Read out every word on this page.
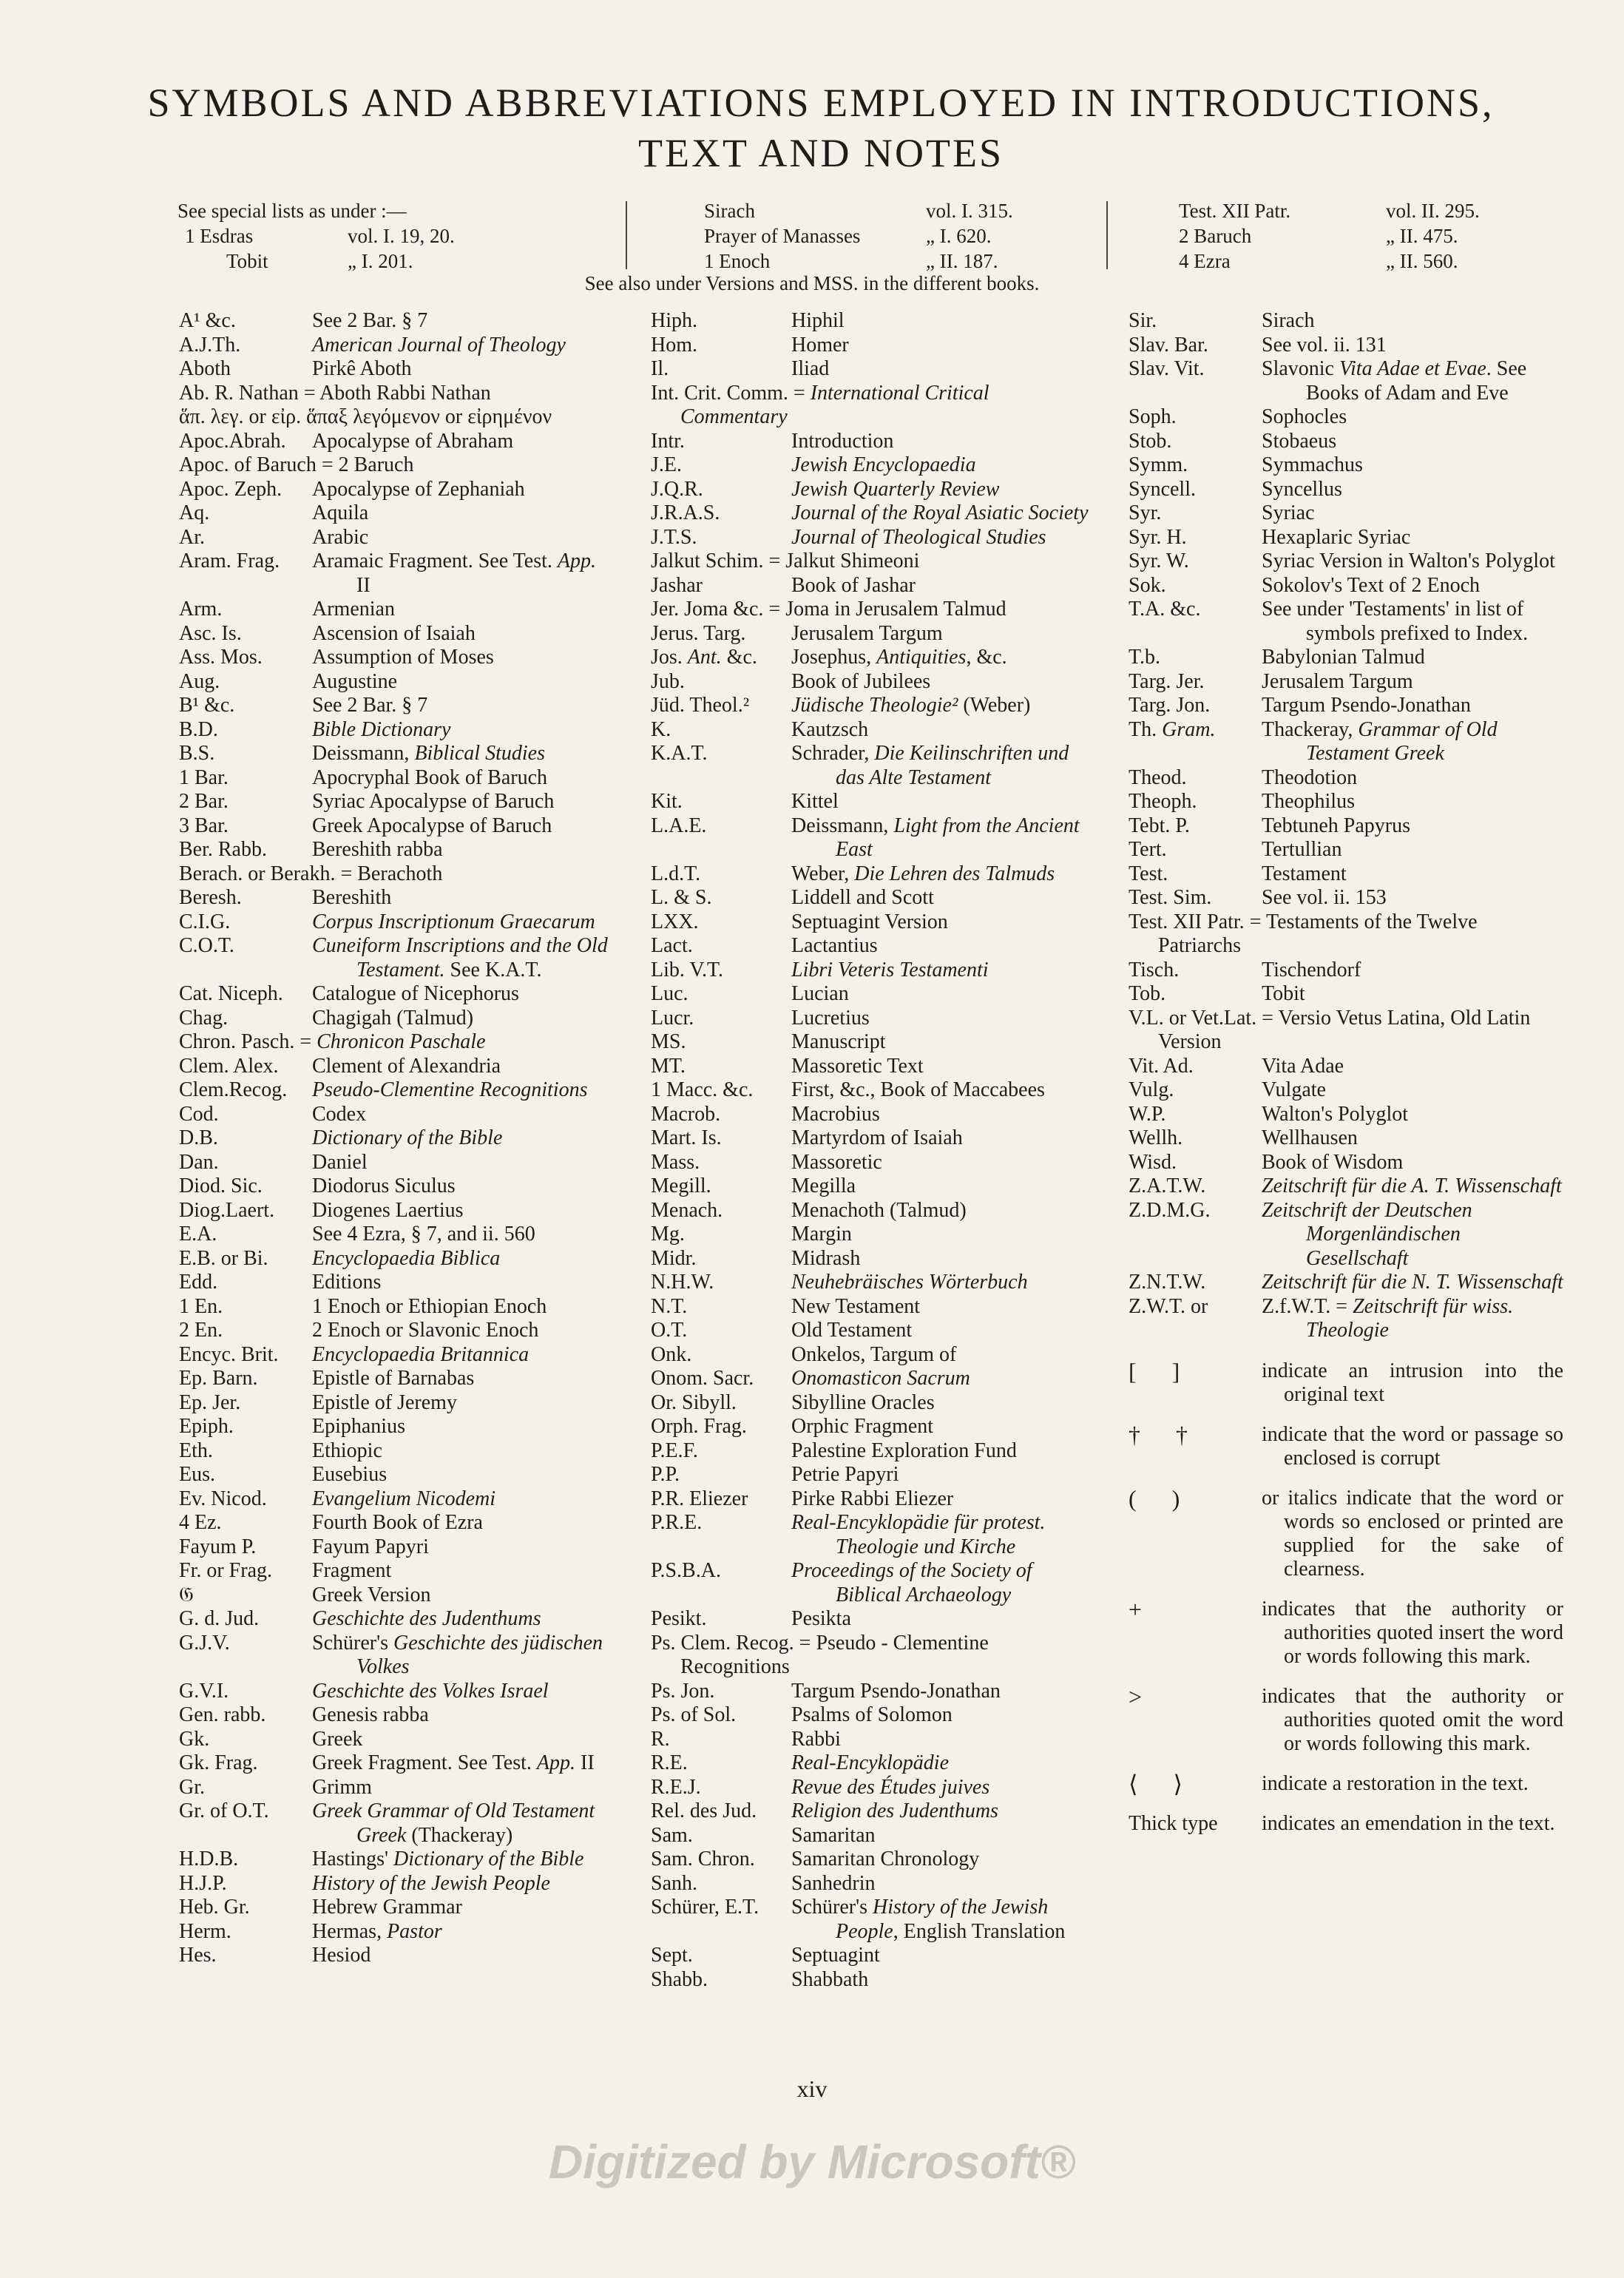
SYMBOLS AND ABBREVIATIONS EMPLOYED IN INTRODUCTIONS,
TEXT AND NOTES
See special lists as under :—
1 Esdras	vol. I. 19, 20.
Tobit	„ I. 201.
Sirach	vol. I. 315.
Prayer of Manasses	„ I. 620.
1 Enoch	„ II. 187.
Test. XII Patr.	vol. II. 295.
2 Baruch	„ II. 475.
4 Ezra	„ II. 560.
See also under Versions and MSS. in the different books.
A¹ &c.	See 2 Bar. § 7
A.J.Th.	American Journal of Theology
Aboth	Pirkê Aboth
Ab. R. Nathan = Aboth Rabbi Nathan
ἅπ. λεγ. or εἰρ. ἅπαξ λεγόμενον or εἰρημένον
Apoc.Abrah.	Apocalypse of Abraham
Apoc. of Baruch = 2 Baruch
Apoc. Zeph.	Apocalypse of Zephaniah
Aq.	Aquila
Ar.	Arabic
Aram. Frag.	Aramaic Fragment. See Test. App. II
Arm.	Armenian
Asc. Is.	Ascension of Isaiah
Ass. Mos.	Assumption of Moses
Aug.	Augustine
B¹ &c.	See 2 Bar. § 7
B.D.	Bible Dictionary
B.S.	Deissmann, Biblical Studies
1 Bar.	Apocryphal Book of Baruch
2 Bar.	Syriac Apocalypse of Baruch
3 Bar.	Greek Apocalypse of Baruch
Ber. Rabb.	Bereshith rabba
Berach. or Berakh. = Berachoth
Beresh.	Bereshith
C.I.G.	Corpus Inscriptionum Graecarum
C.O.T.	Cuneiform Inscriptions and the Old Testament. See K.A.T.
Cat. Niceph.	Catalogue of Nicephorus
Chag.	Chagigah (Talmud)
Chron. Pasch. = Chronicon Paschale
Clem. Alex.	Clement of Alexandria
Clem.Recog.	Pseudo-Clementine Recognitions
Cod.	Codex
D.B.	Dictionary of the Bible
Dan.	Daniel
Diod. Sic.	Diodorus Siculus
Diog.Laert.	Diogenes Laertius
E.A.	See 4 Ezra, § 7, and ii. 560
E.B. or Bi.	Encyclopaedia Biblica
Edd.	Editions
1 En.	1 Enoch or Ethiopian Enoch
2 En.	2 Enoch or Slavonic Enoch
Encyc. Brit.	Encyclopaedia Britannica
Ep. Barn.	Epistle of Barnabas
Ep. Jer.	Epistle of Jeremy
Epiph.	Epiphanius
Eth.	Ethiopic
Eus.	Eusebius
Ev. Nicod.	Evangelium Nicodemi
4 Ez.	Fourth Book of Ezra
Fayum P.	Fayum Papyri
Fr. or Frag.	Fragment
𝔊	Greek Version
G. d. Jud.	Geschichte des Judenthums
G.J.V.	Schürer's Geschichte des jüdischen Volkes
G.V.I.	Geschichte des Volkes Israel
Gen. rabb.	Genesis rabba
Gk.	Greek
Gk. Frag.	Greek Fragment. See Test. App. II
Gr.	Grimm
Gr. of O.T.	Greek Grammar of Old Testament Greek (Thackeray)
H.D.B.	Hastings' Dictionary of the Bible
H.J.P.	History of the Jewish People
Heb. Gr.	Hebrew Grammar
Herm.	Hermas, Pastor
Hes.	Hesiod
Hiph.	Hiphil
Hom.	Homer
Il.	Iliad
Int. Crit. Comm. = International Critical Commentary
Intr.	Introduction
J.E.	Jewish Encyclopaedia
J.Q.R.	Jewish Quarterly Review
J.R.A.S.	Journal of the Royal Asiatic Society
J.T.S.	Journal of Theological Studies
Jalkut Schim. = Jalkut Shimeoni
Jashar	Book of Jashar
Jer. Joma &c. = Joma in Jerusalem Talmud
Jerus. Targ.	Jerusalem Targum
Jos. Ant. &c.	Josephus, Antiquities, &c.
Jub.	Book of Jubilees
Jüd. Theol.²	Jüdische Theologie² (Weber)
K.	Kautzsch
K.A.T.	Schrader, Die Keilinschriften und das Alte Testament
Kit.	Kittel
L.A.E.	Deissmann, Light from the Ancient East
L.d.T.	Weber, Die Lehren des Talmuds
L. & S.	Liddell and Scott
LXX.	Septuagint Version
Lact.	Lactantius
Lib. V.T.	Libri Veteris Testamenti
Luc.	Lucian
Lucr.	Lucretius
MS.	Manuscript
MT.	Massoretic Text
1 Macc. &c.	First, &c., Book of Maccabees
Macrob.	Macrobius
Mart. Is.	Martyrdom of Isaiah
Mass.	Massoretic
Megill.	Megilla
Menach.	Menachoth (Talmud)
Mg.	Margin
Midr.	Midrash
N.H.W.	Neuhebräisches Wörterbuch
N.T.	New Testament
O.T.	Old Testament
Onk.	Onkelos, Targum of
Onom. Sacr.	Onomasticon Sacrum
Or. Sibyll.	Sibylline Oracles
Orph. Frag.	Orphic Fragment
P.E.F.	Palestine Exploration Fund
P.P.	Petrie Papyri
P.R. Eliezer	Pirke Rabbi Eliezer
P.R.E.	Real-Encyklopädie für protest. Theologie und Kirche
P.S.B.A.	Proceedings of the Society of Biblical Archaeology
Pesikt.	Pesikta
Ps. Clem. Recog. = Pseudo - Clementine Recognitions
Ps. Jon.	Targum Psendo-Jonathan
Ps. of Sol.	Psalms of Solomon
R.	Rabbi
R.E.	Real-Encyklopädie
R.E.J.	Revue des Études juives
Rel. des Jud.	Religion des Judenthums
Sam.	Samaritan
Sam. Chron.	Samaritan Chronology
Sanh.	Sanhedrin
Schürer, E.T.	Schürer's History of the Jewish People, English Translation
Sept.	Septuagint
Shabb.	Shabbath
Sir.	Sirach
Slav. Bar.	See vol. ii. 131
Slav. Vit.	Slavonic Vita Adae et Evae. See Books of Adam and Eve
Soph.	Sophocles
Stob.	Stobaeus
Symm.	Symmachus
Syncell.	Syncellus
Syr.	Syriac
Syr. H.	Hexaplaric Syriac
Syr. W.	Syriac Version in Walton's Polyglot
Sok.	Sokolov's Text of 2 Enoch
T.A. &c.	See under 'Testaments' in list of symbols prefixed to Index.
T.b.	Babylonian Talmud
Targ. Jer.	Jerusalem Targum
Targ. Jon.	Targum Psendo-Jonathan
Th. Gram.	Thackeray, Grammar of Old Testament Greek
Theod.	Theodotion
Theoph.	Theophilus
Tebt. P.	Tebtuneh Papyrus
Tert.	Tertullian
Test.	Testament
Test. Sim.	See vol. ii. 153
Test. XII Patr. = Testaments of the Twelve Patriarchs
Tisch.	Tischendorf
Tob.	Tobit
V.L. or Vet.Lat. = Versio Vetus Latina, Old Latin Version
Vit. Ad.	Vita Adae
Vulg.	Vulgate
W.P.	Walton's Polyglot
Wellh.	Wellhausen
Wisd.	Book of Wisdom
Z.A.T.W.	Zeitschrift für die A. T. Wissenschaft
Z.D.M.G.	Zeitschrift der Deutschen Morgenländischen Gesellschaft
Z.N.T.W.	Zeitschrift für die N. T. Wissenschaft
Z.W.T. or	Z.f.W.T. = Zeitschrift für wiss. Theologie
[      ]	indicate an intrusion into the original text
†      †	indicate that the word or passage so enclosed is corrupt
(      )	or italics indicate that the word or words so enclosed or printed are supplied for the sake of clearness.
+	indicates that the authority or authorities quoted insert the word or words following this mark.
>	indicates that the authority or authorities quoted omit the word or words following this mark.
⟨      ⟩	indicate a restoration in the text.
Thick type	indicates an emendation in the text.
xiv
Digitized by Microsoft®
